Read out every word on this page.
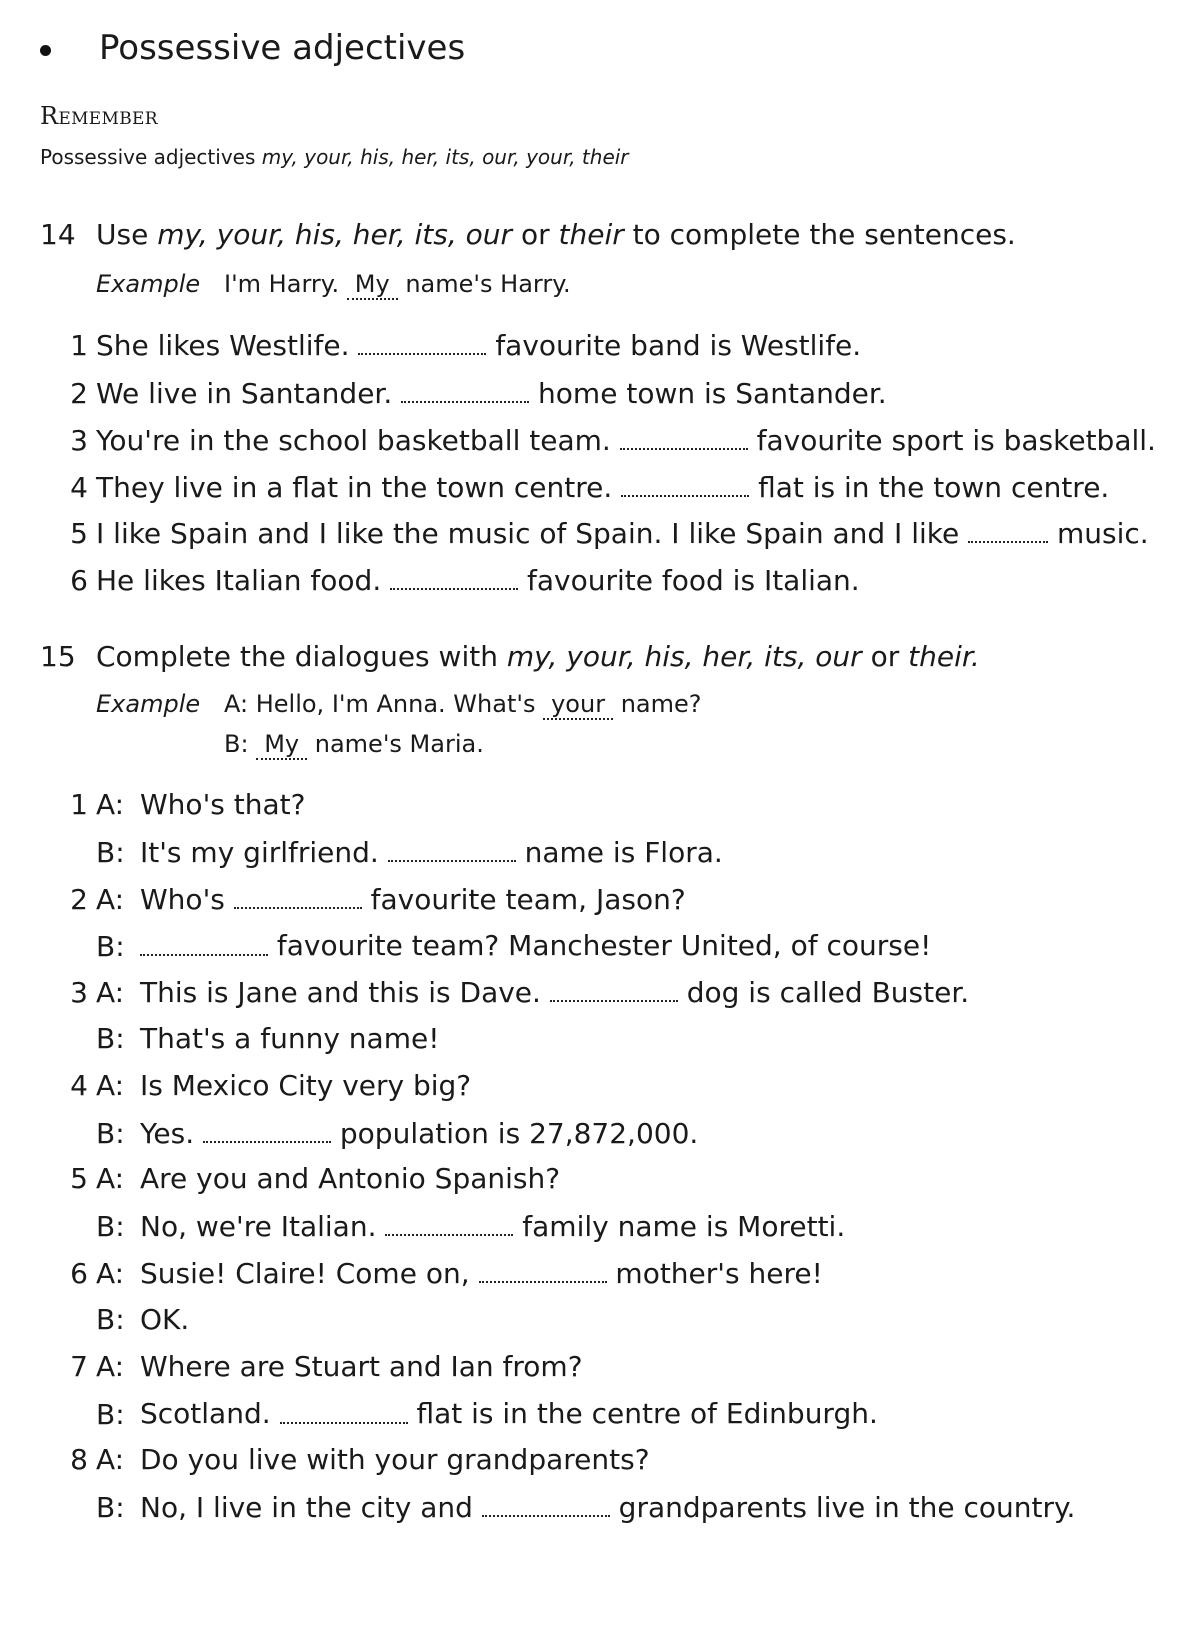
Possessive adjectives
Remember
Possessive adjectives my, your, his, her, its, our, your, their
14 Use my, your, his, her, its, our or their to complete the sentences.
Example I'm Harry. My name's Harry.
1 She likes Westlife.	favourite band is Westlife.
2 We live in Santander.	home town is Santander.
3 You're in the school basketball team.	favourite sport is basketball.
4 They live in a flat in the town centre.	flat is in the town centre.
5 I like Spain and I like the music of Spain. I like Spain and I like	music.
6 He likes Italian food.	favourite food is Italian.
15 Complete the dialogues with my, your, his, her, its, our or their.
Example A: Hello, I'm Anna. What's your name?
B: My name's Maria.
1 A: Who's that?
B: It's my girlfriend.	name is Flora.
2 A: Who's	favourite team, Jason?
B:	favourite team? Manchester United, of course!
3 A: This is Jane and this is Dave.	dog is called Buster.
B: That's a funny name!
4 A: Is Mexico City very big?
B: Yes.	population is 27,872,000.
5 A: Are you and Antonio Spanish?
B: No, we're Italian.	family name is Moretti.
6 A: Susie! Claire! Come on,	mother's here!
B: OK.
7 A: Where are Stuart and Ian from?
B: Scotland.	flat is in the centre of Edinburgh.
8 A: Do you live with your grandparents?
B: No, I live in the city and	grandparents live in the country.
